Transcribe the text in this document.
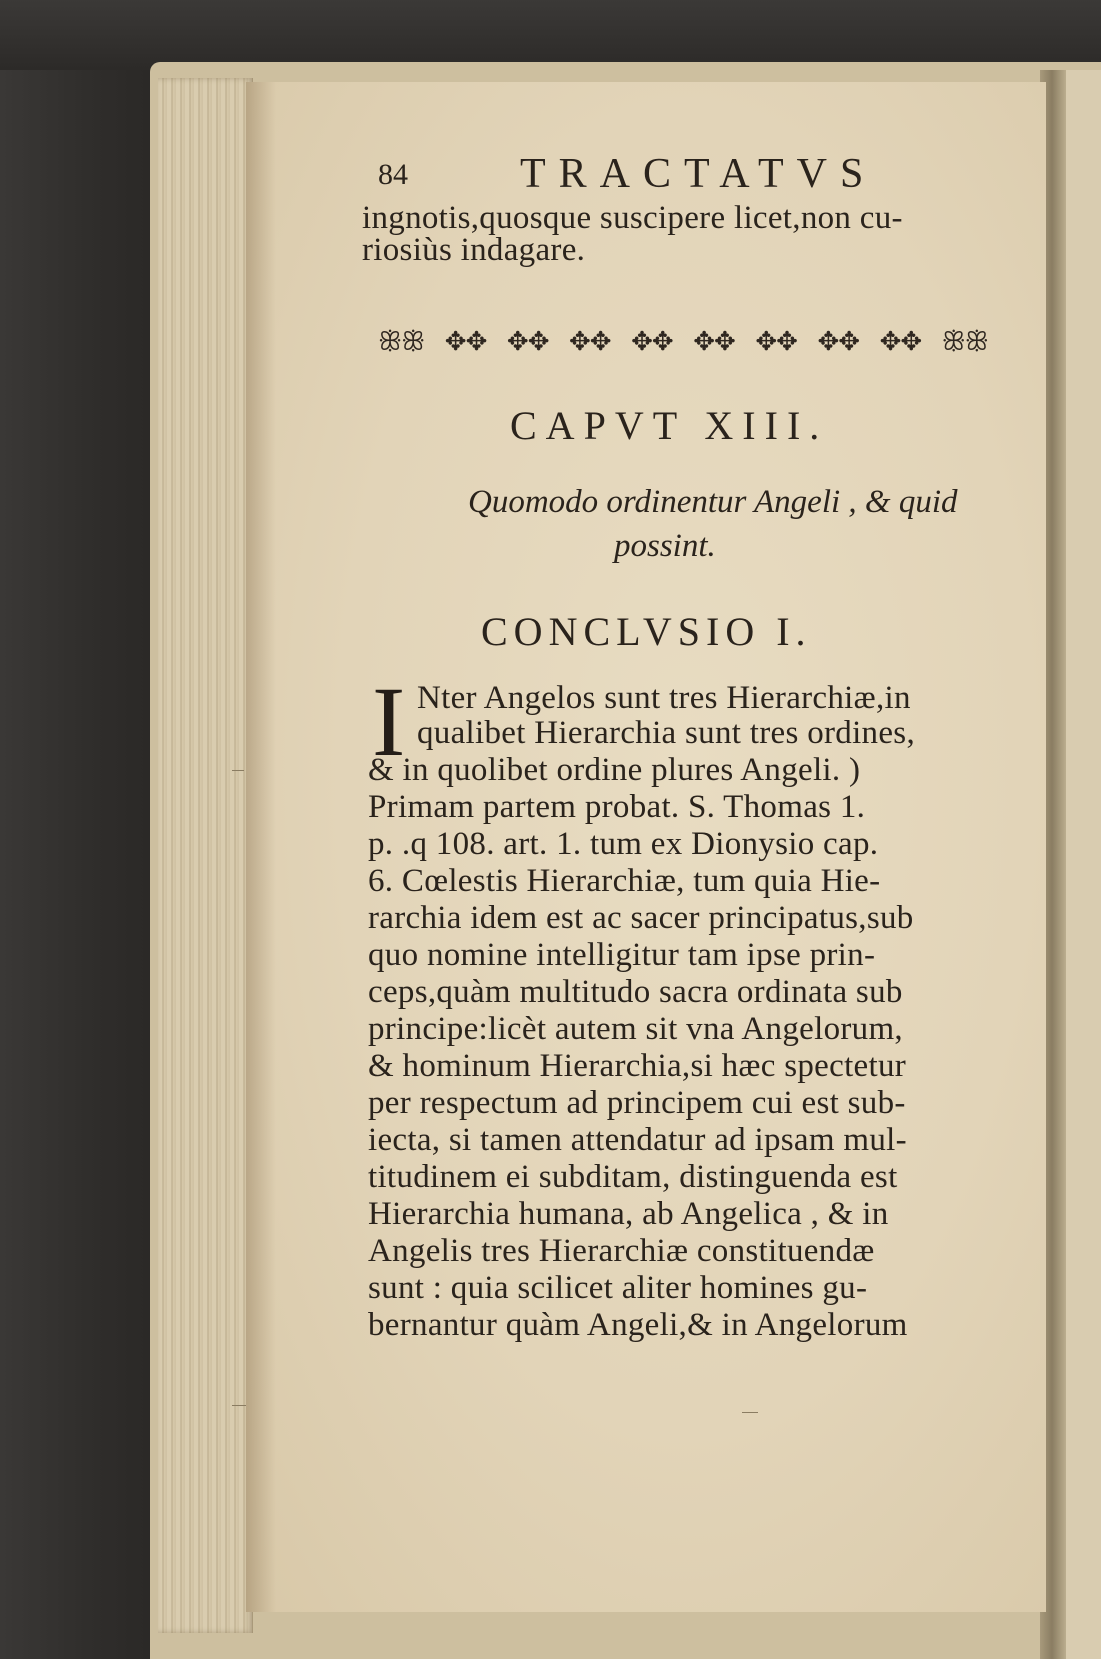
84	TRACTATVS

ingnotis,quosque suscipere licet,non cu-

riosiùs indagare.

ꕥꕥ ✥✥ ✥✥ ✥✥ ✥✥ ✥✥ ✥✥ ✥✥ ✥✥ ꕥꕥ

CAPVT XIII.

Quomodo ordinentur Angeli , & quid

possint.

CONCLVSIO I.

I Nter Angelos sunt tres Hierarchiæ,in

qualibet Hierarchia sunt tres ordines,

& in quolibet ordine plures Angeli. )

Primam partem probat. S. Thomas 1.

p. .q 108. art. 1. tum ex Dionysio cap.

6. Cœlestis Hierarchiæ, tum quia Hie-

rarchia idem est ac sacer principatus,sub

quo nomine intelligitur tam ipse prin-

ceps,quàm multitudo sacra ordinata sub

principe:licèt autem sit vna Angelorum,

& hominum Hierarchia,si hæc spectetur

per respectum ad principem cui est sub-

iecta, si tamen attendatur ad ipsam mul-

titudinem ei subditam, distinguenda est

Hierarchia humana, ab Angelica , & in

Angelis tres Hierarchiæ constituendæ

sunt : quia scilicet aliter homines gu-

bernantur quàm Angeli,& in Angelorum
